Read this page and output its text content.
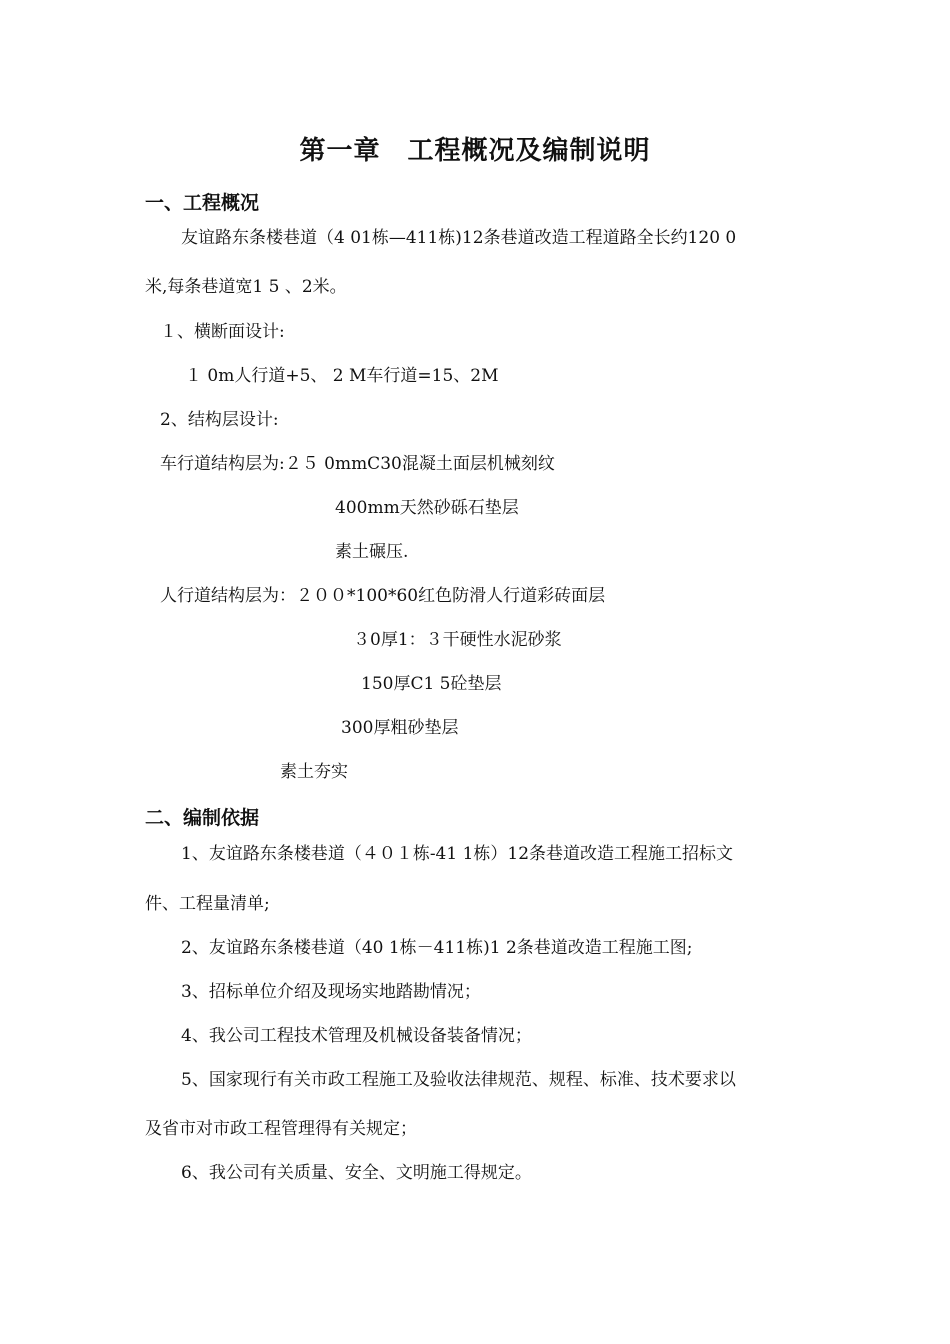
第一章　工程概况及编制说明
一、工程概况
友谊路东条楼巷道（4 01栋—411栋)12条巷道改造工程道路全长约120 0
米,每条巷道宽1 5 、2米。
１、横断面设计:
１ 0m人行道+5、 2 M车行道=15、2M
2、结构层设计:
车行道结构层为:２５ 0mmC30混凝土面层机械刻纹
400mm天然砂砾石垫层
素土碾压.
人行道结构层为：２００*100*60红色防滑人行道彩砖面层
３0厚1：３干硬性水泥砂浆
150厚C1 5砼垫层
300厚粗砂垫层
素土夯实
二、编制依据
1、友谊路东条楼巷道（４０１栋-41 1栋）12条巷道改造工程施工招标文
件、工程量清单;
2、友谊路东条楼巷道（40 1栋－411栋)1 2条巷道改造工程施工图;
3、招标单位介绍及现场实地踏勘情况；
4、我公司工程技术管理及机械设备装备情况；
5、国家现行有关市政工程施工及验收法律规范、规程、标准、技术要求以
及省市对市政工程管理得有关规定；
6、我公司有关质量、安全、文明施工得规定。
